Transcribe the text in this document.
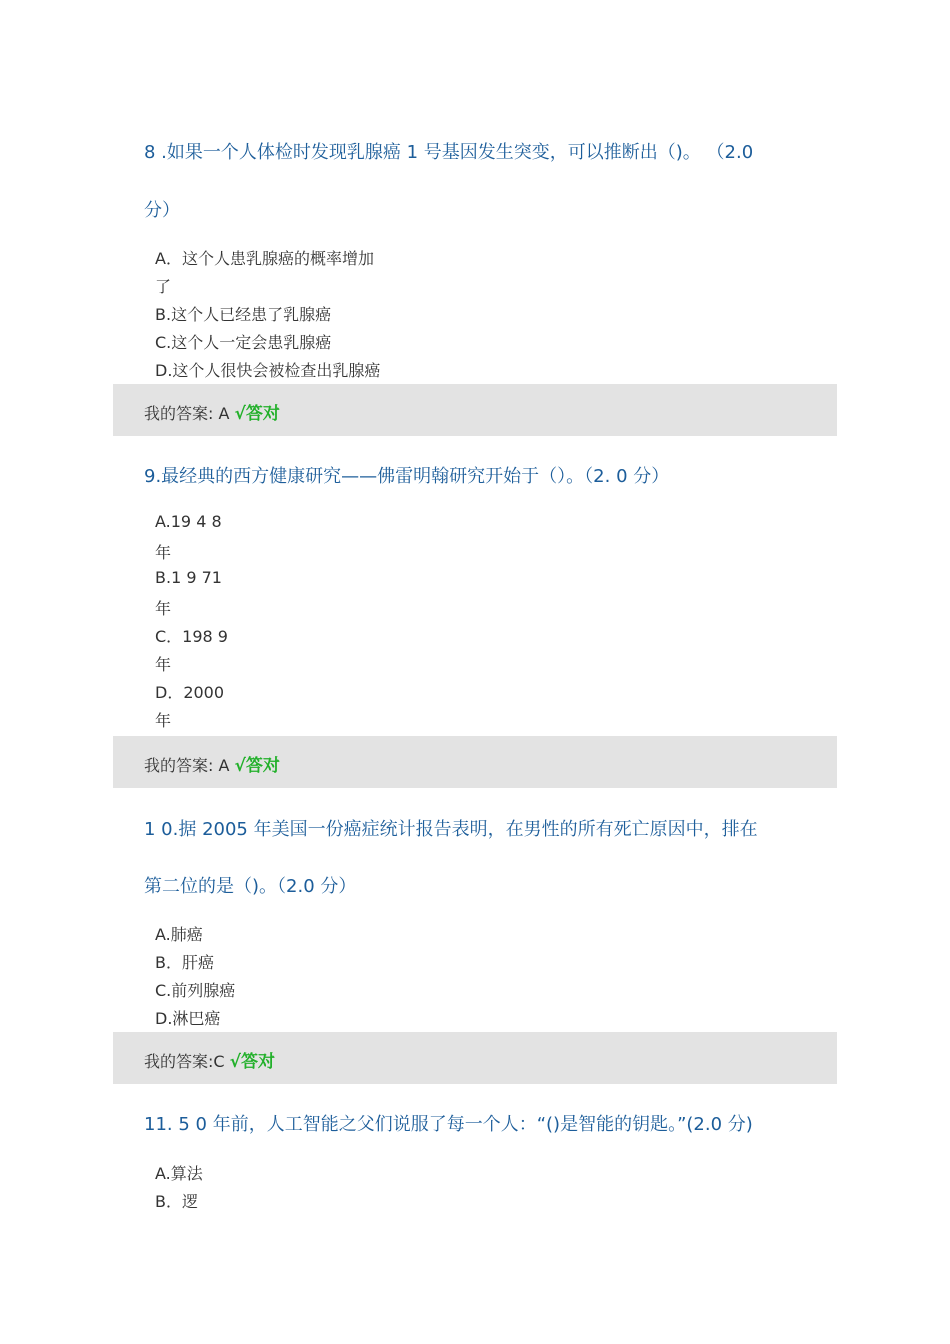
8 .如果一个人体检时发现乳腺癌 1 号基因发生突变，可以推断出（)。 （2.0
分）

A．这个人患乳腺癌的概率增加

了

B.这个人已经患了乳腺癌

C.这个人一定会患乳腺癌

D.这个人很快会被检查出乳腺癌

我的答案: A √答对
9.最经典的西方健康研究——佛雷明翰研究开始于（）。（2. 0 分）

A.19 4 8

年

B.1 9 71

年

C．198 9

年

D．2000

年

我的答案: A √答对
1 0.据 2005 年美国一份癌症统计报告表明，在男性的所有死亡原因中，排在
第二位的是（)。（2.0 分）

A.肺癌

B．肝癌

C.前列腺癌

D.淋巴癌

我的答案:C √答对
11. 5 0 年前，人工智能之父们说服了每一个人：“()是智能的钥匙。”(2.0 分)

A.算法

B．逻
